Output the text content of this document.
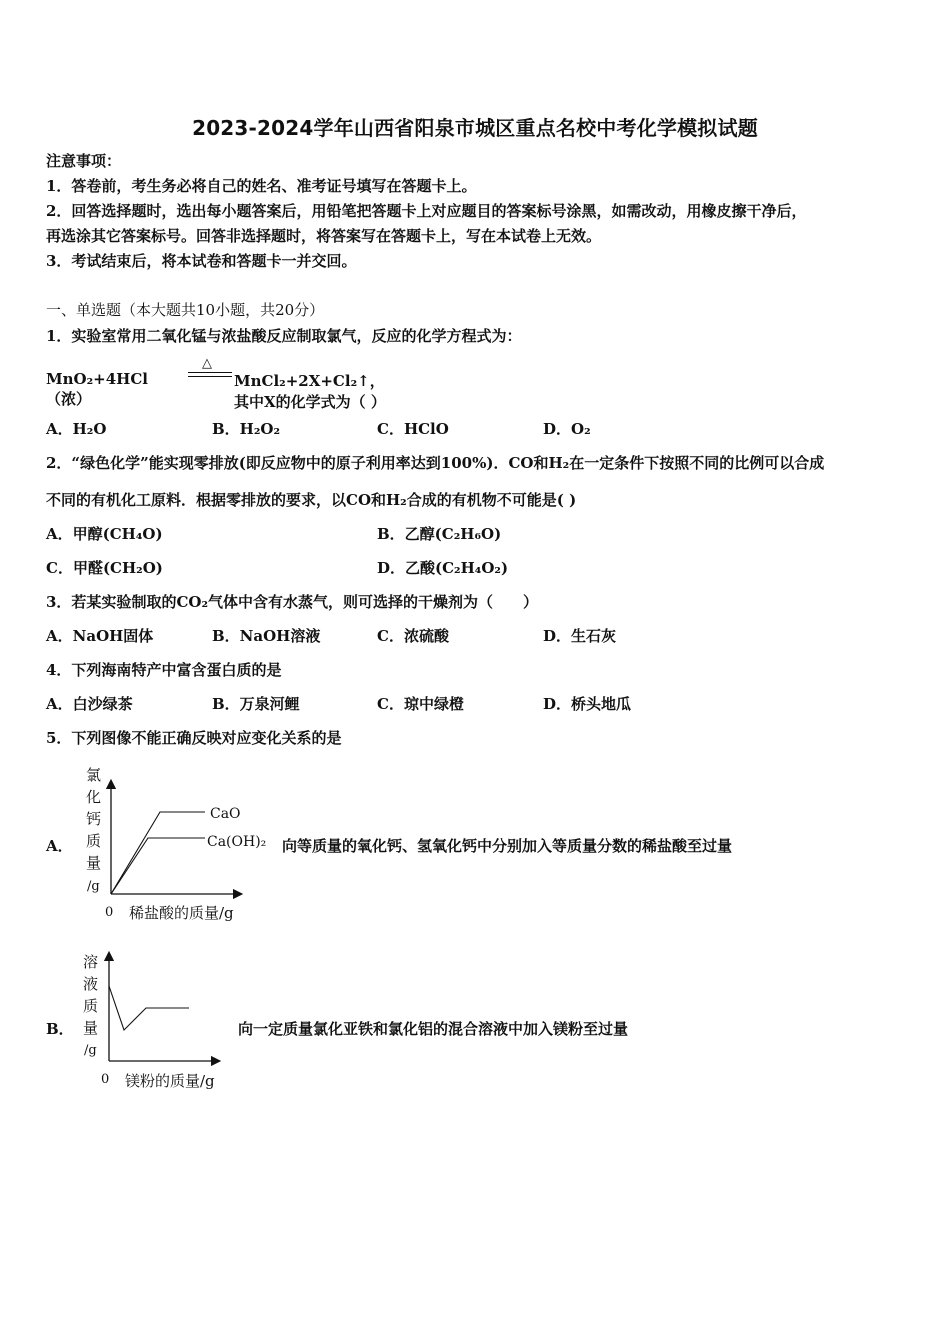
2023-2024学年山西省阳泉市城区重点名校中考化学模拟试题
注意事项：
1．答卷前，考生务必将自己的姓名、准考证号填写在答题卡上。
2．回答选择题时，选出每小题答案后，用铅笔把答题卡上对应题目的答案标号涂黑，如需改动，用橡皮擦干净后，
再选涂其它答案标号。回答非选择题时，将答案写在答题卡上，写在本试卷上无效。
3．考试结束后，将本试卷和答题卡一并交回。
一、单选题（本大题共10小题，共20分）
1．实验室常用二氧化锰与浓盐酸反应制取氯气，反应的化学方程式为：
MnO₂+4HCl（浓）
△
MnCl₂+2X+Cl₂↑，其中X的化学式为（ ）
A．H₂O	B．H₂O₂	C．HClO	D．O₂
2．“绿色化学”能实现零排放(即反应物中的原子利用率达到100%)．CO和H₂在一定条件下按照不同的比例可以合成
不同的有机化工原料．根据零排放的要求，以CO和H₂合成的有机物不可能是( )
A．甲醇(CH₄O)	B．乙醇(C₂H₆O)
C．甲醛(CH₂O)	D．乙酸(C₂H₄O₂)
3．若某实验制取的CO₂气体中含有水蒸气，则可选择的干燥剂为（　　）
A．NaOH固体	B．NaOH溶液	C．浓硫酸	D．生石灰
4．下列海南特产中富含蛋白质的是
A．白沙绿茶	B．万泉河鲤	C．琼中绿橙	D．桥头地瓜
5．下列图像不能正确反映对应变化关系的是
A．
氯
化
钙
质
量
/g
CaO
Ca(OH)₂
0 稀盐酸的质量/g
向等质量的氧化钙、氢氧化钙中分别加入等质量分数的稀盐酸至过量
B．
溶
液
质
量
/g
0 镁粉的质量/g
向一定质量氯化亚铁和氯化铝的混合溶液中加入镁粉至过量
